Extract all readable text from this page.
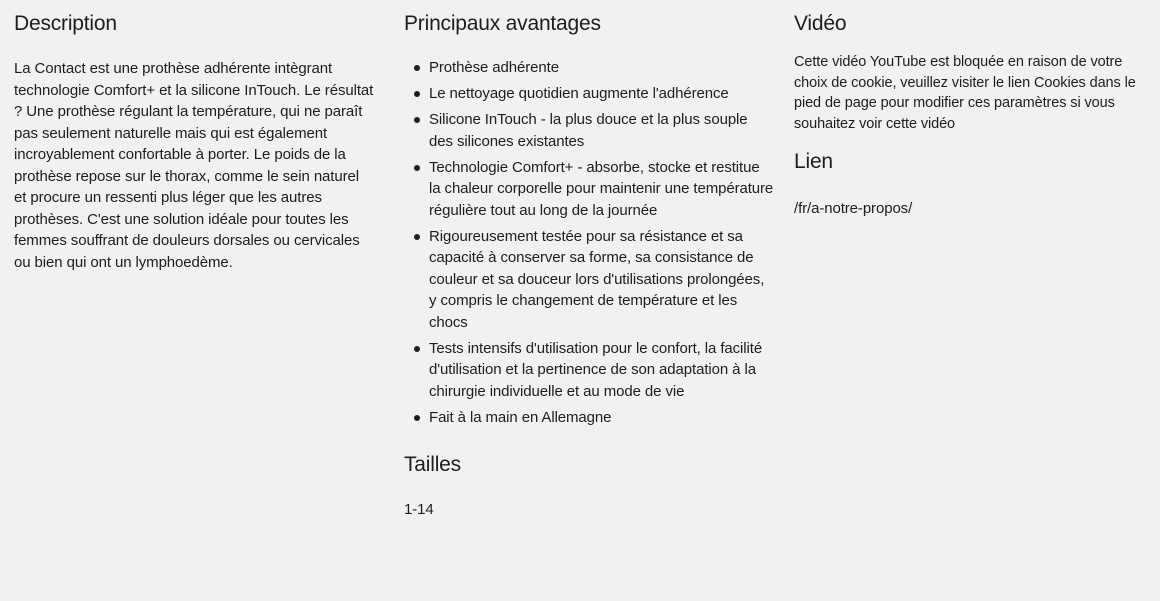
Description

La Contact est une prothèse adhérente intègrant technologie Comfort+ et la silicone InTouch. Le résultat ? Une prothèse régulant la température, qui ne paraît pas seulement naturelle mais qui est également incroyablement confortable à porter. Le poids de la prothèse repose sur le thorax, comme le sein naturel et procure un ressenti plus léger que les autres prothèses. C'est une solution idéale pour toutes les femmes souffrant de douleurs dorsales ou cervicales ou bien qui ont un lymphoedème.

Principaux avantages
Prothèse adhérente
Le nettoyage quotidien augmente l'adhérence
Silicone InTouch - la plus douce et la plus souple des silicones existantes
Technologie Comfort+ - absorbe, stocke et restitue la chaleur corporelle pour maintenir une température régulière tout au long de la journée
Rigoureusement testée pour sa résistance et sa capacité à conserver sa forme, sa consistance de couleur et sa douceur lors d'utilisations prolongées, y compris le changement de température et les chocs
Tests intensifs d'utilisation pour le confort, la facilité d'utilisation et la pertinence de son adaptation à la chirurgie individuelle et au mode de vie
Fait à la main en Allemagne
Tailles

1-14

Vidéo

Cette vidéo YouTube est bloquée en raison de votre choix de cookie, veuillez visiter le lien Cookies dans le pied de page pour modifier ces paramètres si vous souhaitez voir cette vidéo

Lien
/fr/a-notre-propos/
